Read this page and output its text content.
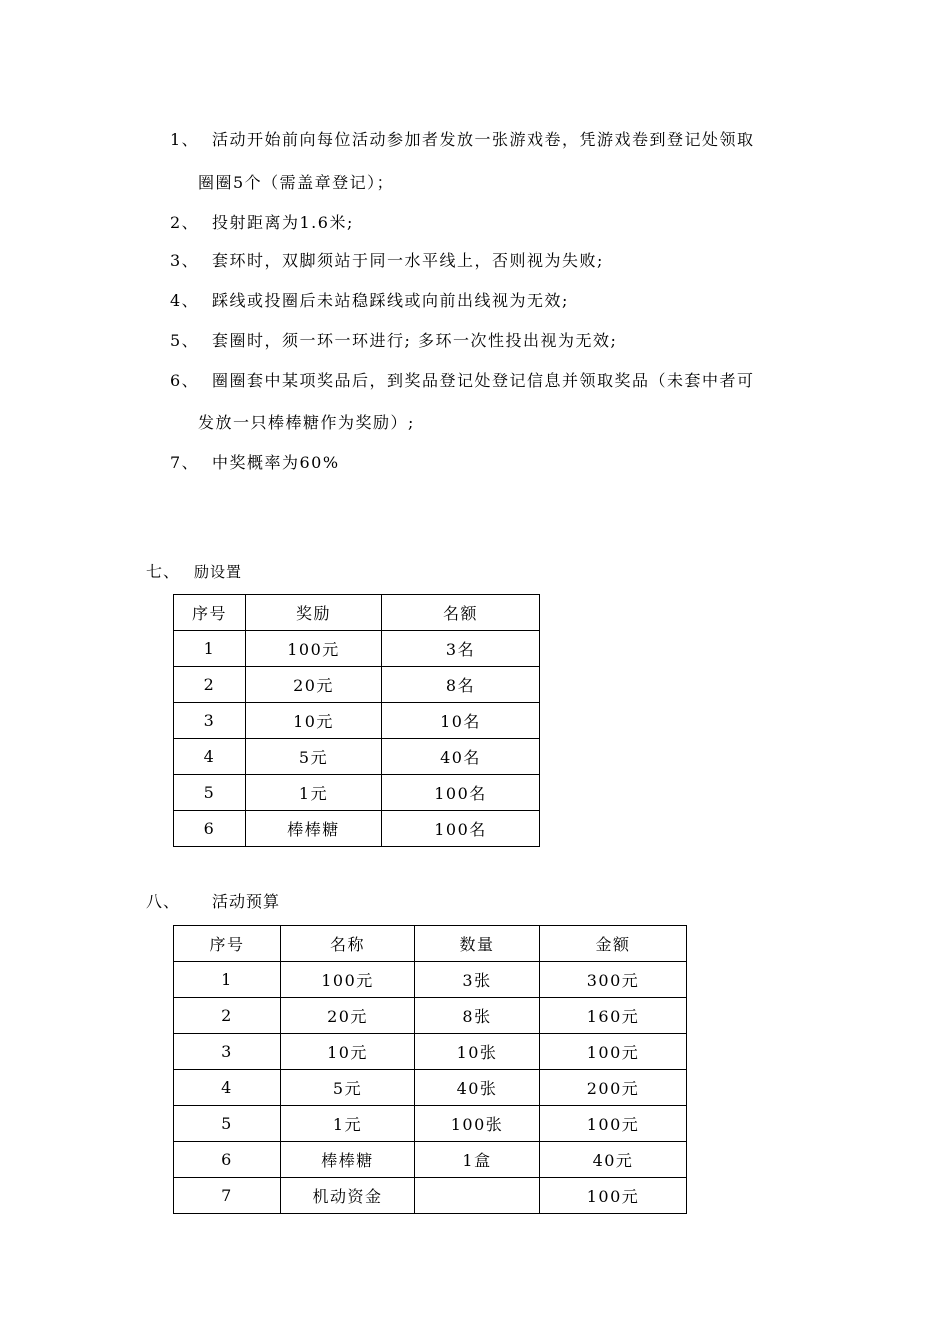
1、 活动开始前向每位活动参加者发放一张游戏卷，凭游戏卷到登记处领取
圈圈5个（需盖章登记）；
2、 投射距离为1.6米;
3、 套环时，双脚须站于同一水平线上，否则视为失败;
4、 踩线或投圈后未站稳踩线或向前出线视为无效;
5、 套圈时，须一环一环进行; 多环一次性投出视为无效;
6、 圈圈套中某项奖品后，到奖品登记处登记信息并领取奖品（未套中者可
发放一只棒棒糖作为奖励）;
7、 中奖概率为60%
七、 励设置
序号	奖励	名额
1	100元	3名
2	20元	8名
3	10元	10名
4	5元	40名
5	1元	100名
6	棒棒糖	100名
八、 活动预算
序号	名称	数量	金额
1	100元	3张	300元
2	20元	8张	160元
3	10元	10张	100元
4	5元	40张	200元
5	1元	100张	100元
6	棒棒糖	1盒	40元
7	机动资金		100元
